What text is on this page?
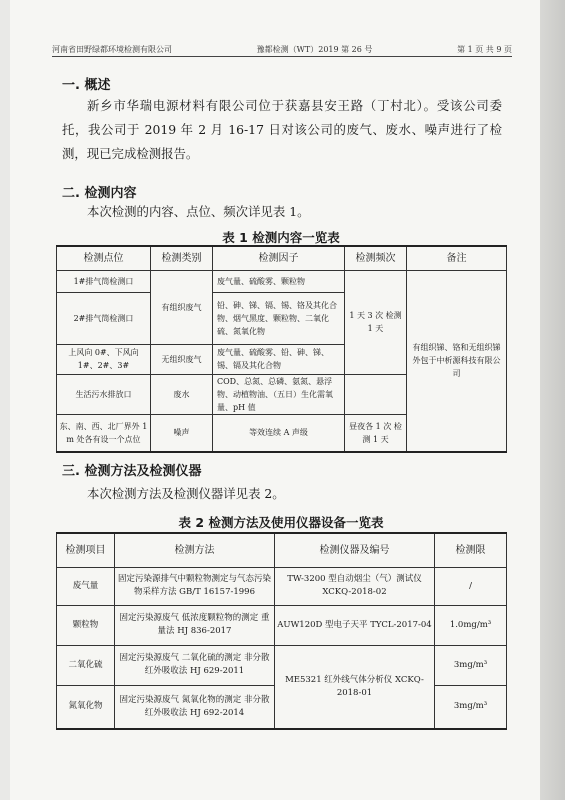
河南省田野绿都环境检测有限公司	豫都检测（WT）2019 第 26 号	第 1 页 共 9 页
一. 概述
新乡市华瑞电源材料有限公司位于获嘉县安王路（丁村北）。受该公司委托，我公司于 2019 年 2 月 16-17 日对该公司的废气、废水、噪声进行了检测，现已完成检测报告。
二. 检测内容
本次检测的内容、点位、频次详见表 1。
表 1 检测内容一览表
检测点位	检测类别	检测因子	检测频次	备注
1#排气筒检测口	有组织废气	废气量、硫酸雾、颗粒物	1 天 3 次 检测 1 天	有组织锑、铬和无组织锑外包于中析源科技有限公司
2#排气筒检测口		铅、砷、锑、镉、锡、铬及其化合物、烟气黑度、颗粒物、二氧化硫、氮氧化物		
上风向 0#、下风向 1#、2#、3#	无组织废气	废气量、硫酸雾、铅、砷、锑、锡、镉及其化合物		
生活污水排放口	废水	COD、总氮、总磷、氨氮、悬浮物、动植物油、（五日）生化需氧量、pH 值		
东、南、西、北厂界外 1 m 处各有设一个点位	噪声	等效连续 A 声级	昼夜各 1 次 检测 1 天	
三. 检测方法及检测仪器
本次检测方法及检测仪器详见表 2。
表 2 检测方法及使用仪器设备一览表
检测项目	检测方法	检测仪器及编号	检测限
废气量	固定污染源排气中颗粒物测定与气态污染物采样方法 GB/T 16157-1996	TW-3200 型自动烟尘（气）测试仪 XCKQ-2018-02	/
颗粒物	固定污染源废气 低浓度颗粒物的测定 重量法 HJ 836-2017	AUW120D 型电子天平 TYCL-2017-04	1.0mg/m³
二氧化硫	固定污染源废气 二氧化硫的测定 非分散红外吸收法 HJ 629-2011	ME5321 红外线气体分析仪 XCKQ-2018-01	3mg/m³
氮氧化物	固定污染源废气 氮氧化物的测定 非分散红外吸收法 HJ 692-2014		3mg/m³
